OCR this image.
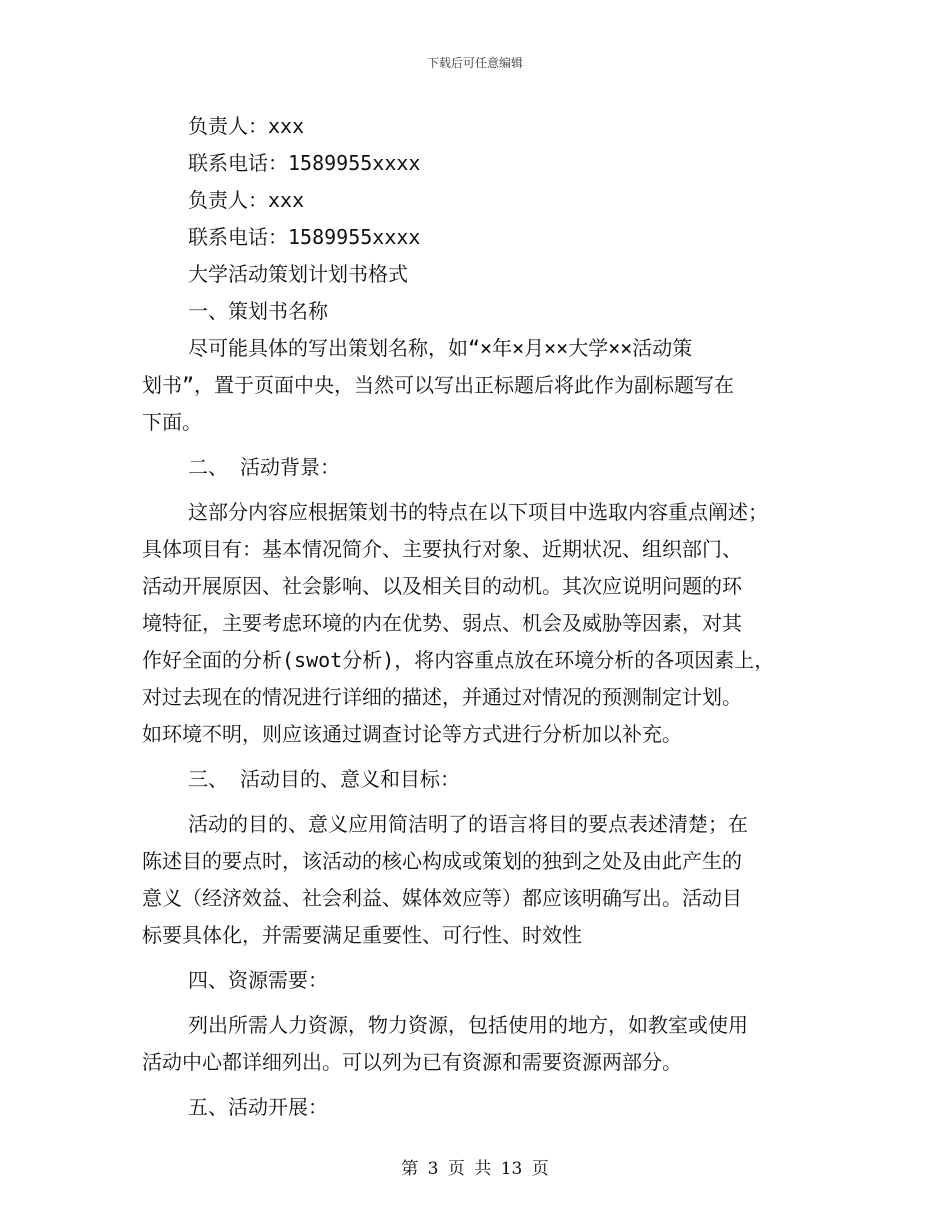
下载后可任意编辑
负责人：xxx
联系电话：1589955xxxx
负责人：xxx
联系电话：1589955xxxx
大学活动策划计划书格式
一、策划书名称
尽可能具体的写出策划名称，如“×年×月××大学××活动策
划书”，置于页面中央，当然可以写出正标题后将此作为副标题写在
下面。
二、 活动背景：
这部分内容应根据策划书的特点在以下项目中选取内容重点阐述；
具体项目有：基本情况简介、主要执行对象、近期状况、组织部门、
活动开展原因、社会影响、以及相关目的动机。其次应说明问题的环
境特征，主要考虑环境的内在优势、弱点、机会及威胁等因素，对其
作好全面的分析(swot分析)，将内容重点放在环境分析的各项因素上，
对过去现在的情况进行详细的描述，并通过对情况的预测制定计划。
如环境不明，则应该通过调查讨论等方式进行分析加以补充。
三、 活动目的、意义和目标：
活动的目的、意义应用简洁明了的语言将目的要点表述清楚；在
陈述目的要点时，该活动的核心构成或策划的独到之处及由此产生的
意义（经济效益、社会利益、媒体效应等）都应该明确写出。活动目
标要具体化，并需要满足重要性、可行性、时效性
四、资源需要：
列出所需人力资源，物力资源，包括使用的地方，如教室或使用
活动中心都详细列出。可以列为已有资源和需要资源两部分。
五、活动开展：
第 3 页 共 13 页
